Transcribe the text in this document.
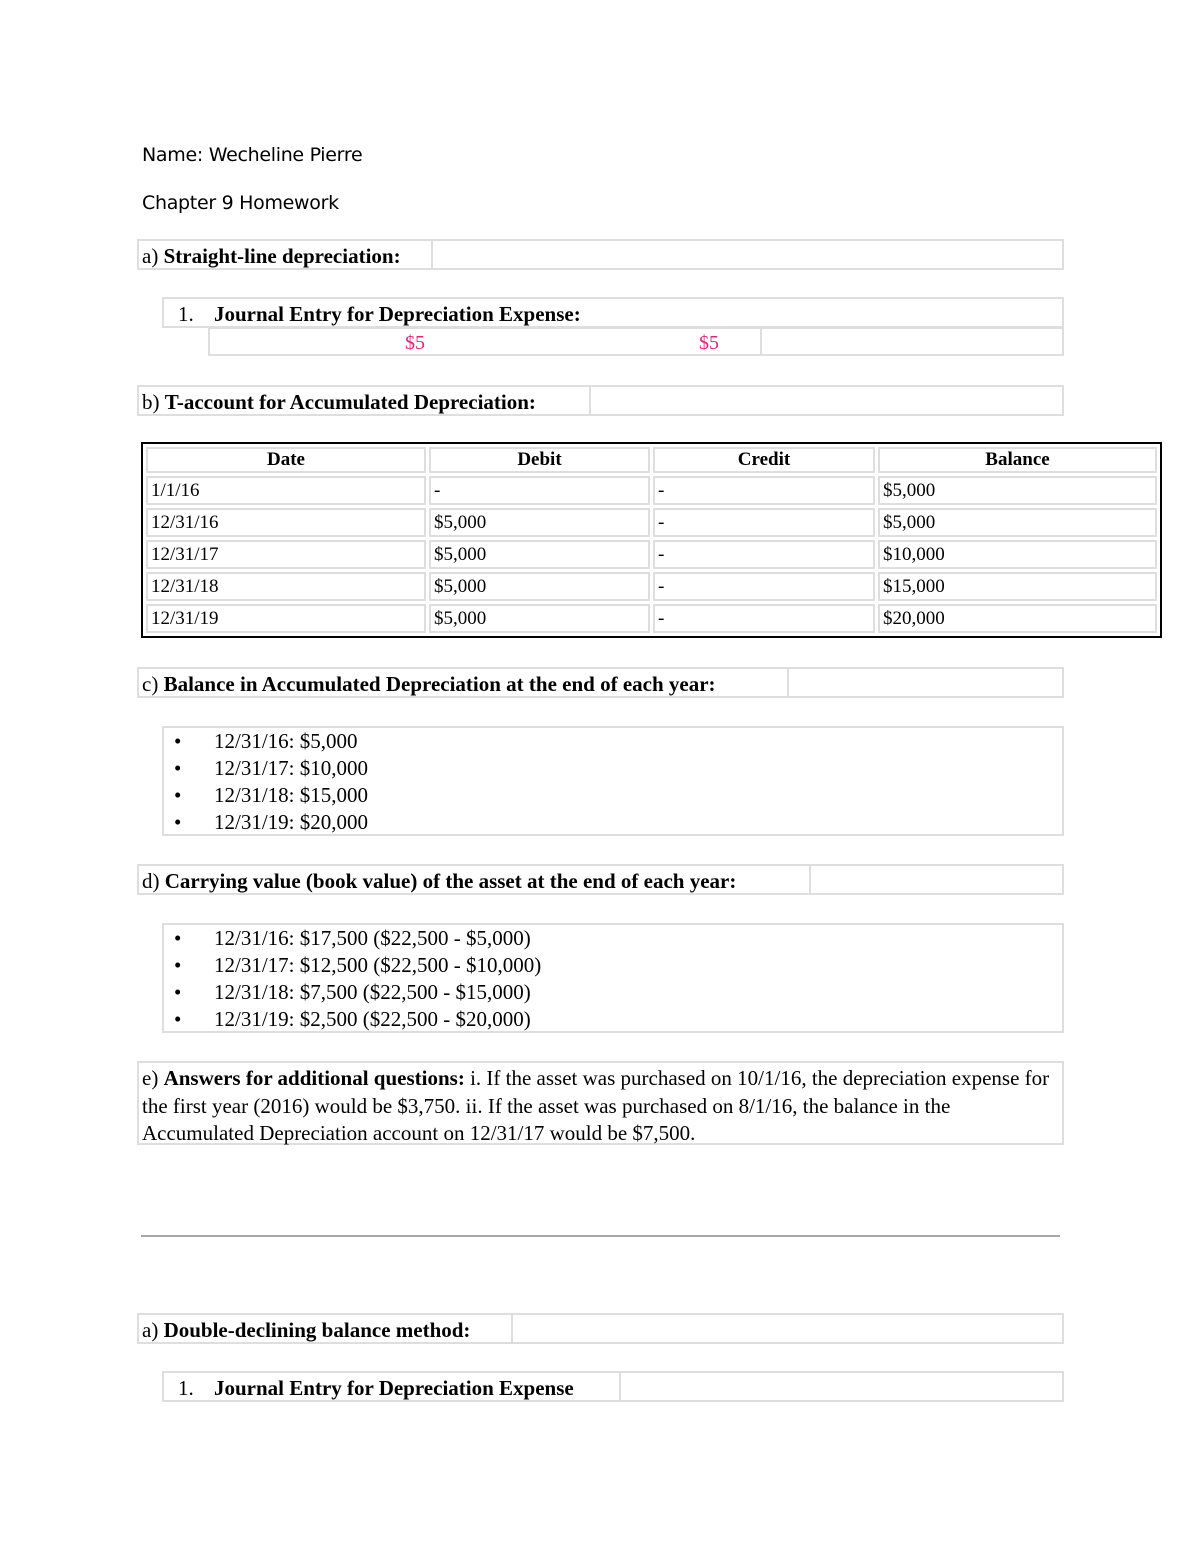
Name: Wecheline Pierre
Chapter 9 Homework
a) Straight-line depreciation:
1. Journal Entry for Depreciation Expense:
$5	$5
b) T-account for Accumulated Depreciation:
Date	Debit	Credit	Balance
1/1/16	-	-	$5,000
12/31/16	$5,000	-	$5,000
12/31/17	$5,000	-	$10,000
12/31/18	$5,000	-	$15,000
12/31/19	$5,000	-	$20,000
c) Balance in Accumulated Depreciation at the end of each year:
• 12/31/16: $5,000
• 12/31/17: $10,000
• 12/31/18: $15,000
• 12/31/19: $20,000
d) Carrying value (book value) of the asset at the end of each year:
• 12/31/16: $17,500 ($22,500 - $5,000)
• 12/31/17: $12,500 ($22,500 - $10,000)
• 12/31/18: $7,500 ($22,500 - $15,000)
• 12/31/19: $2,500 ($22,500 - $20,000)
e) Answers for additional questions: i. If the asset was purchased on 10/1/16, the depreciation expense for the first year (2016) would be $3,750. ii. If the asset was purchased on 8/1/16, the balance in the Accumulated Depreciation account on 12/31/17 would be $7,500.
a) Double-declining balance method:
1. Journal Entry for Depreciation Expense
